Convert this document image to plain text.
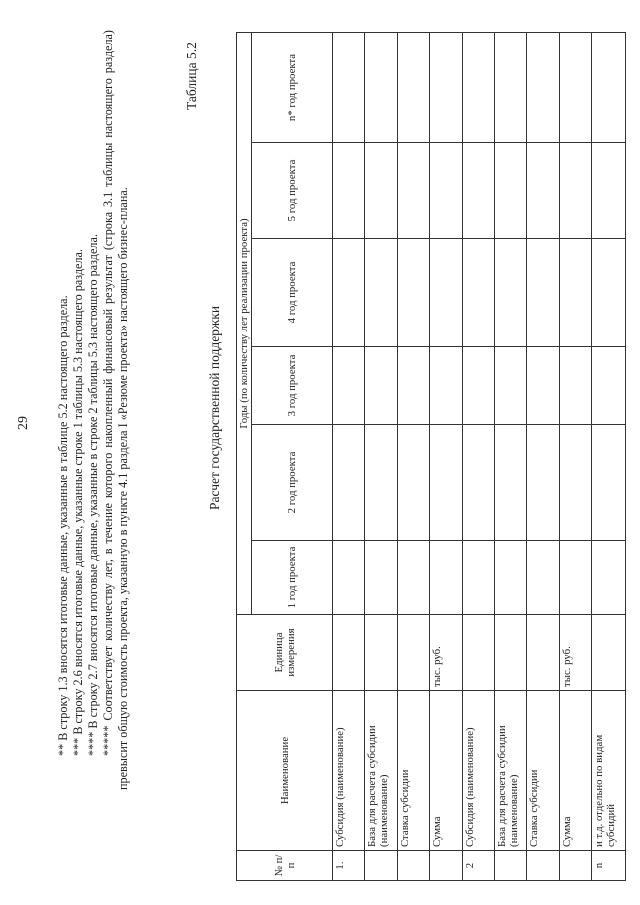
29 ** В строку 1.3 вносятся итоговые данные, указанные в таблице 5.2 настоящего раздела. *** В строку 2.6 вносятся итоговые данные, указанные строке 1 таблицы 5.3 настоящего раздела. **** В строку 2.7 вносятся итоговые данные, указанные в строке 2 таблицы 5.3 настоящего раздела. ***** Соответствует количеству лет, в течение которого накопленный финансовый результат (строка 3.1 таблицы настоящего раздела) превысит общую стоимость проекта, указанную в пункте 4.1 раздела I «Резюме проекта» настоящего бизнес-плана.

Таблица 5.2
Расчет государственной поддержки
№ п/п	Наименование	Единица измерения	Годы (по количеству лет реализации проекта)					
			1 год проекта	2 год проекта	3 год проекта	4 год проекта	5 год проекта	n* год проекта
1.	Субсидия (наименование)							
	База для расчета субсидии (наименование)							
	Ставка субсидии							
	Сумма	тыс. руб.						
2	Субсидия (наименование)							
	База для расчета субсидии (наименование)							
	Ставка субсидии							
	Сумма	тыс. руб.						
n	и т.д. отдельно по видам субсидий							
